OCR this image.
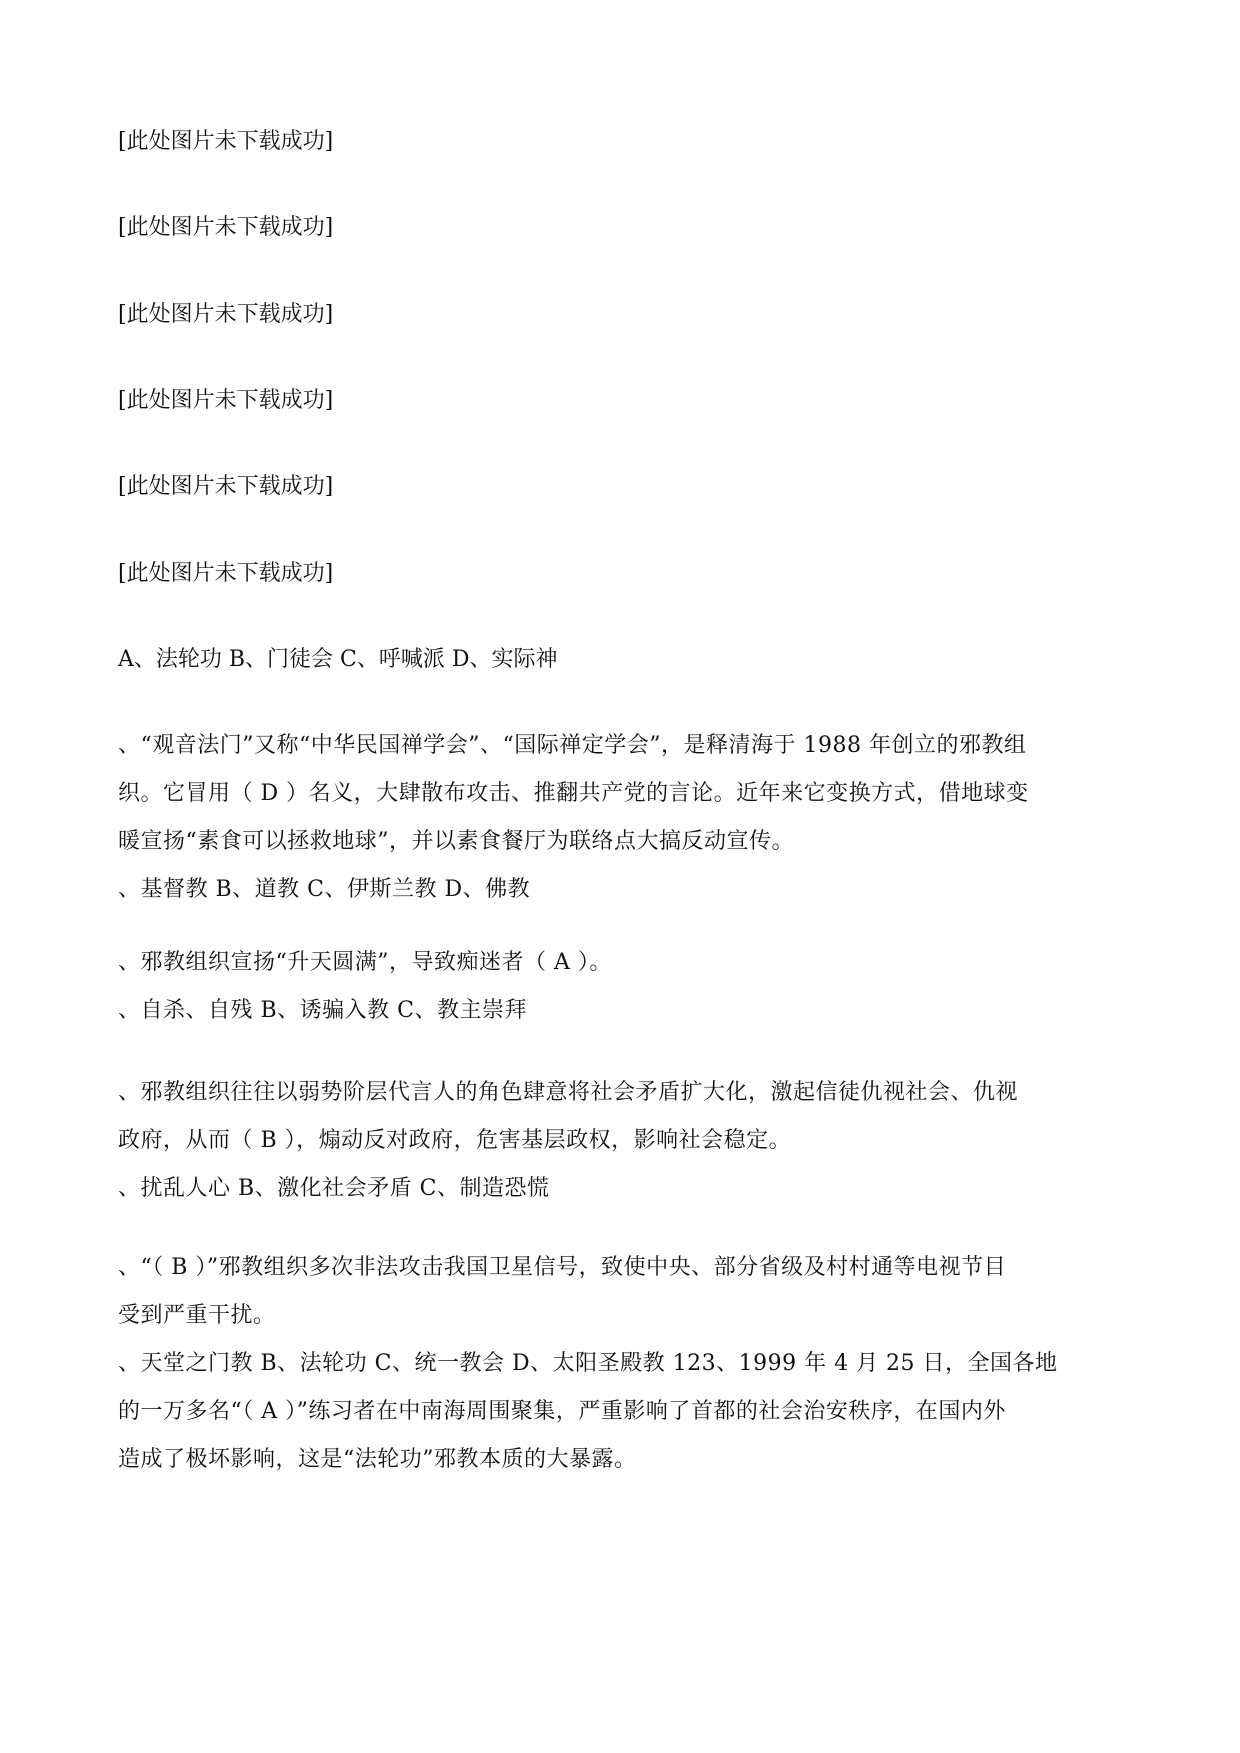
[此处图片未下载成功]
[此处图片未下载成功]
[此处图片未下载成功]
[此处图片未下载成功]
[此处图片未下载成功]
[此处图片未下载成功]
A、法轮功 B、门徒会 C、呼喊派 D、实际神
、“观音法门”又称“中华民国禅学会”、“国际禅定学会”，是释清海于 1988 年创立的邪教组
织。它冒用（ D ）名义，大肆散布攻击、推翻共产党的言论。近年来它变换方式，借地球变
暖宣扬“素食可以拯救地球”，并以素食餐厅为联络点大搞反动宣传。
、基督教 B、道教 C、伊斯兰教 D、佛教
、邪教组织宣扬“升天圆满”，导致痴迷者（ A ）。
、自杀、自残 B、诱骗入教 C、教主崇拜
、邪教组织往往以弱势阶层代言人的角色肆意将社会矛盾扩大化，激起信徒仇视社会、仇视
政府，从而（ B ），煽动反对政府，危害基层政权，影响社会稳定。
、扰乱人心 B、激化社会矛盾 C、制造恐慌
、“（ B ）”邪教组织多次非法攻击我国卫星信号，致使中央、部分省级及村村通等电视节目
受到严重干扰。
、天堂之门教 B、法轮功 C、统一教会 D、太阳圣殿教 123、1999 年 4 月 25 日，全国各地
的一万多名“（ A ）”练习者在中南海周围聚集，严重影响了首都的社会治安秩序，在国内外
造成了极坏影响，这是“法轮功”邪教本质的大暴露。
